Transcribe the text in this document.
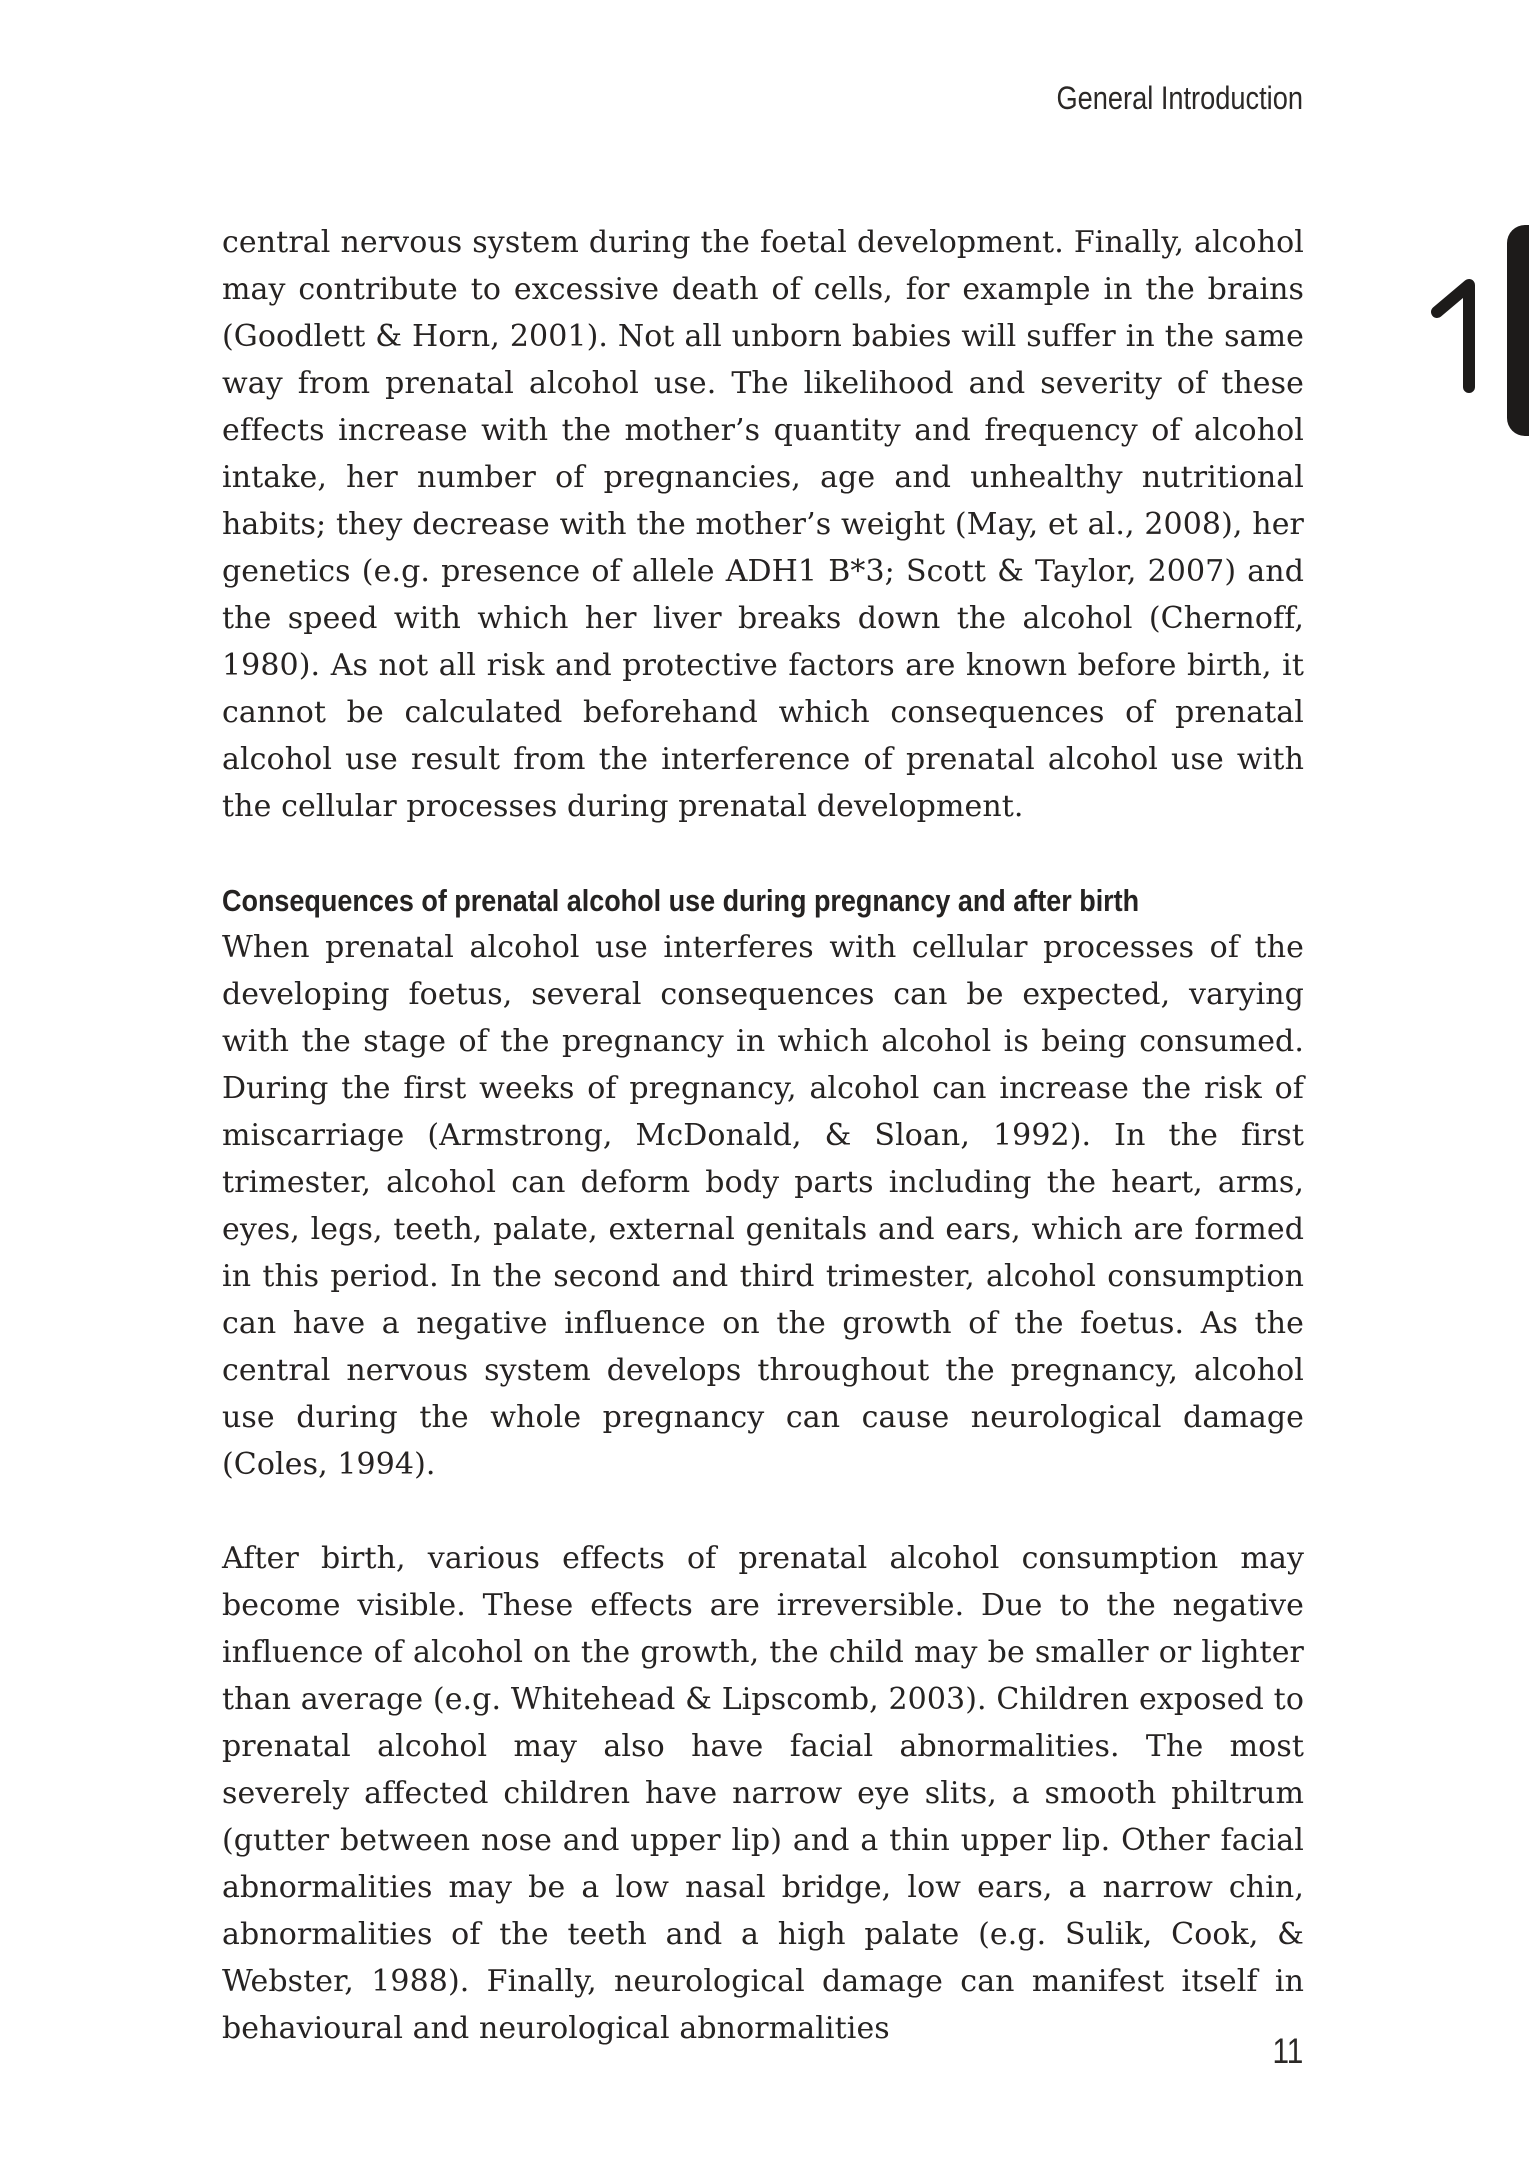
General Introduction

central nervous system during the foetal development. Finally, alcohol may contribute to excessive death of cells, for example in the brains (Goodlett & Horn, 2001). Not all unborn babies will suffer in the same way from prenatal alcohol use. The likelihood and severity of these effects increase with the mother’s quantity and frequency of alcohol intake, her number of pregnancies, age and unhealthy nutritional habits; they decrease with the mother’s weight (May, et al., 2008), her genetics (e.g. presence of allele ADH1 B*3; Scott & Taylor, 2007) and the speed with which her liver breaks down the alcohol (Chernoff, 1980). As not all risk and protective factors are known before birth, it cannot be calculated beforehand which consequences of prenatal alcohol use result from the interference of prenatal alcohol use with the cellular processes during prenatal development.

Consequences of prenatal alcohol use during pregnancy and after birth

When prenatal alcohol use interferes with cellular processes of the developing foetus, several consequences can be expected, varying with the stage of the pregnancy in which alcohol is being consumed. During the first weeks of pregnancy, alcohol can increase the risk of miscarriage (Armstrong, McDonald, & Sloan, 1992). In the first trimester, alcohol can deform body parts including the heart, arms, eyes, legs, teeth, palate, external genitals and ears, which are formed in this period. In the second and third trimester, alcohol consumption can have a negative influence on the growth of the foetus. As the central nervous system develops throughout the pregnancy, alcohol use during the whole pregnancy can cause neurological damage (Coles, 1994).

After birth, various effects of prenatal alcohol consumption may become visible. These effects are irreversible. Due to the negative influence of alcohol on the growth, the child may be smaller or lighter than average (e.g. Whitehead & Lipscomb, 2003). Children exposed to prenatal alcohol may also have facial abnormalities. The most severely affected children have narrow eye slits, a smooth philtrum (gutter between nose and upper lip) and a thin upper lip. Other facial abnormalities may be a low nasal bridge, low ears, a narrow chin, abnormalities of the teeth and a high palate (e.g. Sulik, Cook, & Webster, 1988). Finally, neurological damage can manifest itself in behavioural and neurological abnormalities

11
